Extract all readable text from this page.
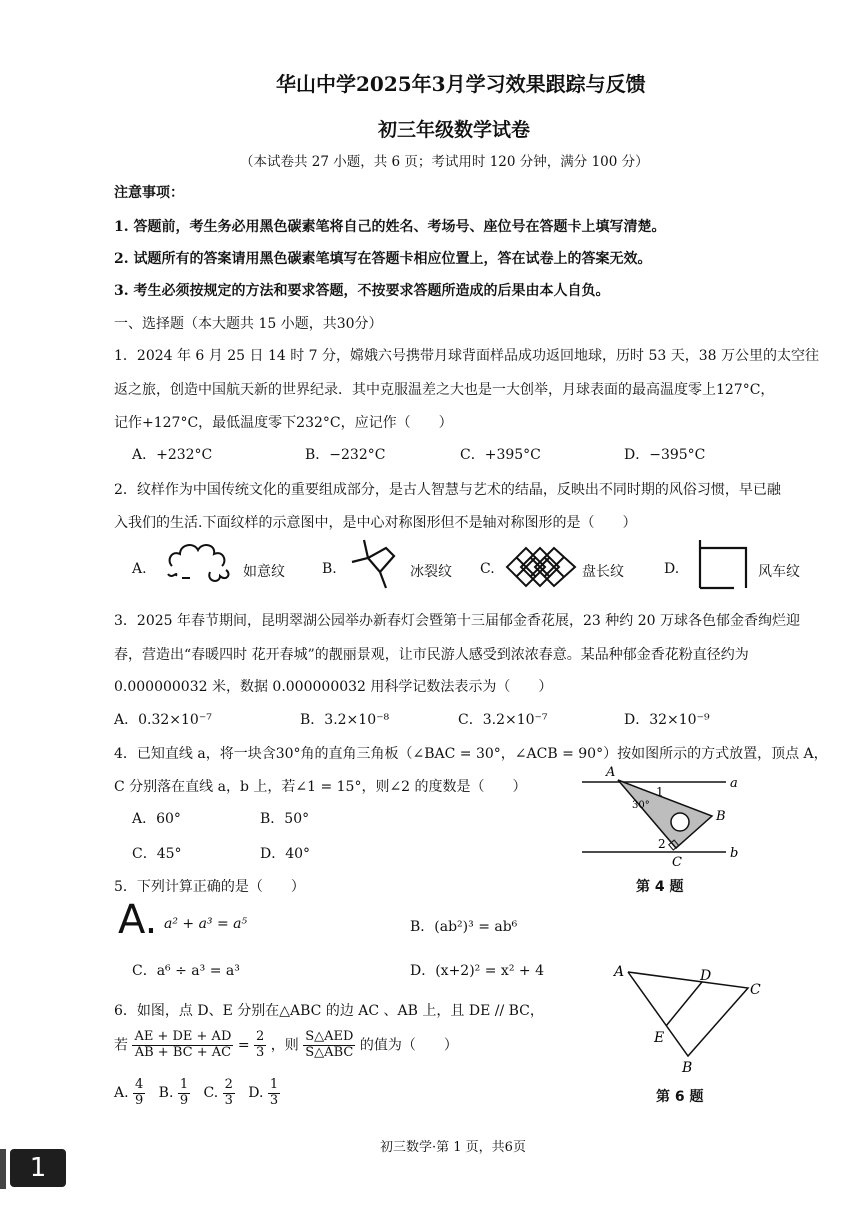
华山中学2025年3月学习效果跟踪与反馈
初三年级数学试卷
（本试卷共 27 小题，共 6 页；考试用时 120 分钟，满分 100 分）
注意事项：
1. 答题前，考生务必用黑色碳素笔将自己的姓名、考场号、座位号在答题卡上填写清楚。
2. 试题所有的答案请用黑色碳素笔填写在答题卡相应位置上，答在试卷上的答案无效。
3. 考生必须按规定的方法和要求答题，不按要求答题所造成的后果由本人自负。
一、选择题（本大题共 15 小题，共30分）
1．2024 年 6 月 25 日 14 时 7 分，嫦娥六号携带月球背面样品成功返回地球，历时 53 天，38 万公里的太空往
返之旅，创造中国航天新的世界纪录．其中克服温差之大也是一大创举，月球表面的最高温度零上127°C，
记作+127°C，最低温度零下232°C，应记作（　　）
A．+232°C	B．−232°C	C．+395°C	D．−395°C
2．纹样作为中国传统文化的重要组成部分，是古人智慧与艺术的结晶，反映出不同时期的风俗习惯，早已融
入我们的生活.下面纹样的示意图中，是中心对称图形但不是轴对称图形的是（　　）
A.	如意纹	B.	冰裂纹 C.	盘长纹	D.	风车纹
3．2025 年春节期间，昆明翠湖公园举办新春灯会暨第十三届郁金香花展，23 种约 20 万球各色郁金香绚烂迎
春，营造出“春暖四时 花开春城”的靓丽景观，让市民游人感受到浓浓春意。某品种郁金香花粉直径约为
0.000000032 米，数据 0.000000032 用科学记数法表示为（　　）
A．0.32×10⁻⁷	B．3.2×10⁻⁸	C．3.2×10⁻⁷	D．32×10⁻⁹
4．已知直线 a，将一块含30°角的直角三角板（∠BAC = 30°，∠ACB = 90°）按如图所示的方式放置，顶点 A，
C 分别落在直线 a，b 上，若∠1 = 15°，则∠2 的度数是（　　）
A．60°	B．50°
C．45°	D．40°
A
a
1
30°
B
2
C
b
第 4 题
5．下列计算正确的是（　　）
A. a² + a³ = a⁵	B．(ab²)³ = ab⁶
C．a⁶ ÷ a³ = a³	D．(x+2)² = x² + 4
6．如图，点 D、E 分别在△ABC 的边 AC 、AB 上，且 DE // BC，
若 $\frac{AE + DE + AD}{AB + BC + AC} = \frac{2}{3}$ ，则 $\frac{\text{S△AED}}{\text{S△ABC}}$ 的值为（　　）
A. $\frac{4}{9} B$. $\frac{1}{9} C$. $\frac{2}{3} D$. $\frac{1}{3}$
A	D
C
E
B
第 6 题
初三数学·第 1 页，共6页
1
